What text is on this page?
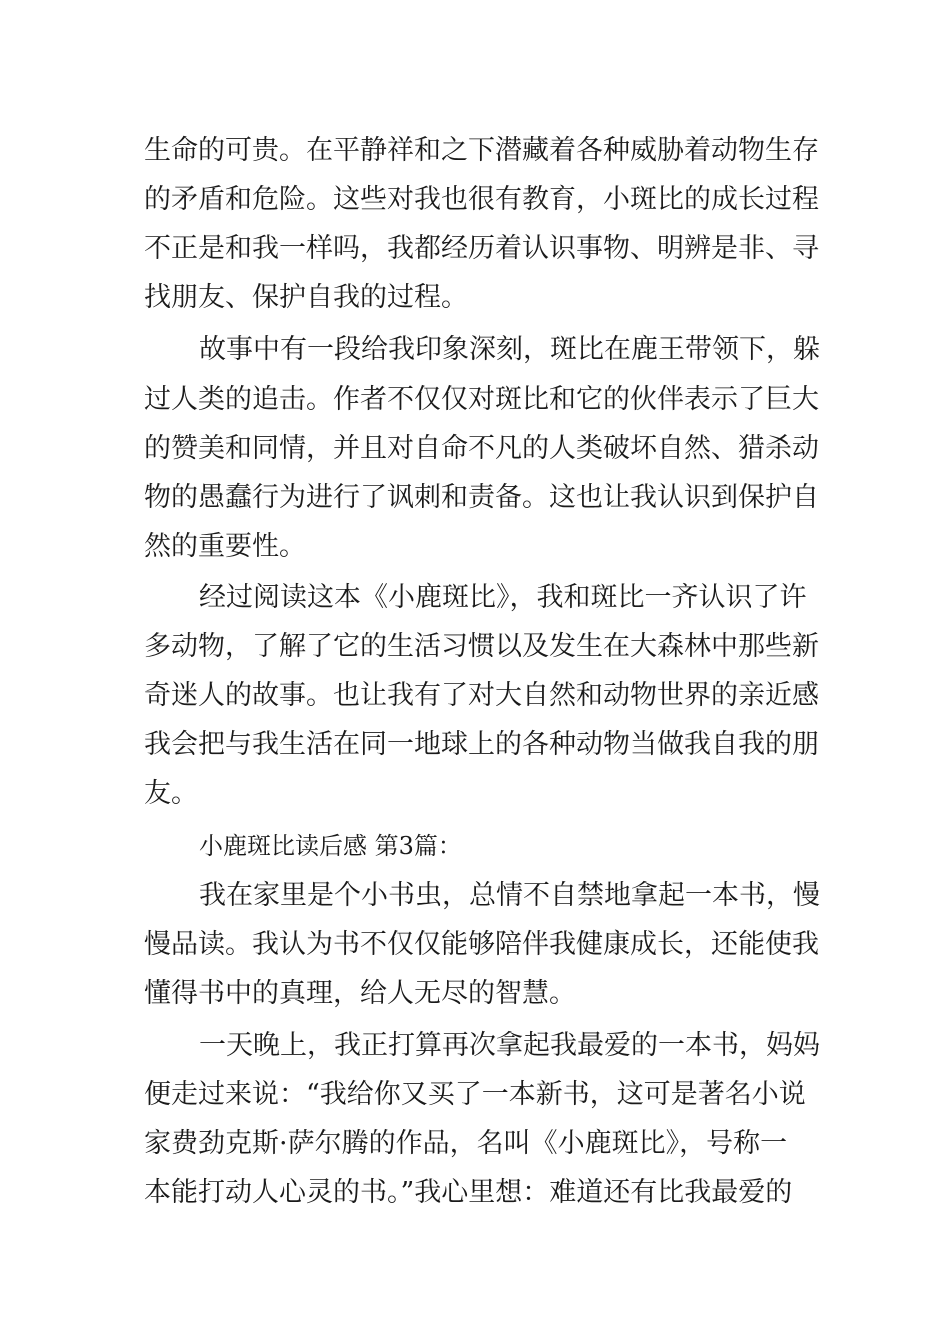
生命的可贵。在平静祥和之下潜藏着各种威胁着动物生存
的矛盾和危险。这些对我也很有教育，小斑比的成长过程
不正是和我一样吗，我都经历着认识事物、明辨是非、寻
找朋友、保护自我的过程。
故事中有一段给我印象深刻，斑比在鹿王带领下，躲
过人类的追击。作者不仅仅对斑比和它的伙伴表示了巨大
的赞美和同情，并且对自命不凡的人类破坏自然、猎杀动
物的愚蠢行为进行了讽刺和责备。这也让我认识到保护自
然的重要性。
经过阅读这本《小鹿斑比》，我和斑比一齐认识了许
多动物，了解了它的生活习惯以及发生在大森林中那些新
奇迷人的故事。也让我有了对大自然和动物世界的亲近感
我会把与我生活在同一地球上的各种动物当做我自我的朋
友。
小鹿斑比读后感 第3篇：
我在家里是个小书虫，总情不自禁地拿起一本书，慢
慢品读。我认为书不仅仅能够陪伴我健康成长，还能使我
懂得书中的真理，给人无尽的智慧。
一天晚上，我正打算再次拿起我最爱的一本书，妈妈
便走过来说：“我给你又买了一本新书，这可是著名小说
家费劲克斯·萨尔腾的作品，名叫《小鹿斑比》，号称一
本能打动人心灵的书。”我心里想：难道还有比我最爱的
